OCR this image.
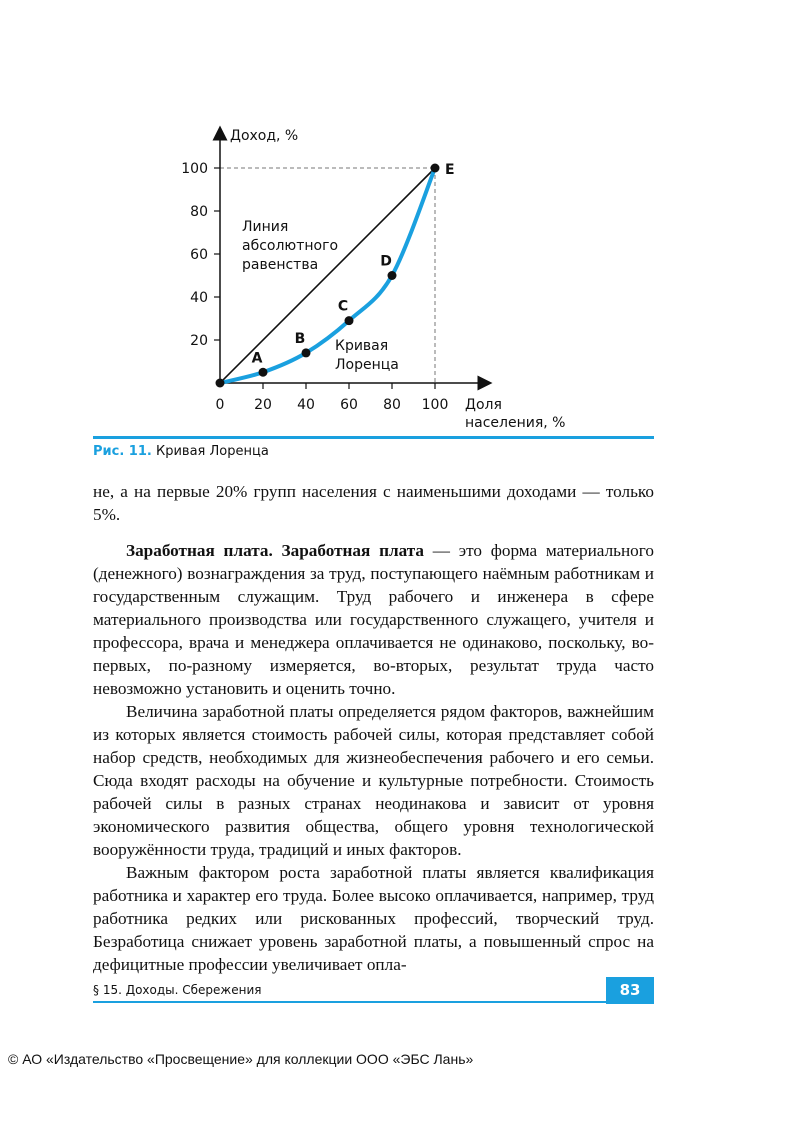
20
40
60
80
100
0 20 40 60 80 100
Доход, %
Доля
населения, %
A
B
C
D
E
Линия
абсолютного
равенства
Кривая
Лоренца
Рис. 11. Кривая Лоренца

не, а на первые 20% групп населения с наименьшими доходами — только 5%.

Заработная плата. Заработная плата — это форма материального (денежного) вознаграждения за труд, поступающего наёмным работникам и государственным служащим. Труд рабочего и инженера в сфере материального производства или государственного служащего, учителя и профессора, врача и менеджера оплачивается не одинаково, поскольку, во-первых, по-разному измеряется, во-вторых, результат труда часто невозможно установить и оценить точно.

Величина заработной платы определяется рядом факторов, важнейшим из которых является стоимость рабочей силы, которая представляет собой набор средств, необходимых для жизнеобеспечения рабочего и его семьи. Сюда входят расходы на обучение и культурные потребности. Стоимость рабочей силы в разных странах неодинакова и зависит от уровня экономического развития общества, общего уровня технологической вооружённости труда, традиций и иных факторов.

Важным фактором роста заработной платы является квалификация работника и характер его труда. Более высоко оплачивается, например, труд работника редких или рискованных профессий, творческий труд. Безработица снижает уровень заработной платы, а повышенный спрос на дефицитные профессии увеличивает опла-

§ 15. Доходы. Сбережения	83
© АО «Издательство «Просвещение» для коллекции ООО «ЭБС Лань»
